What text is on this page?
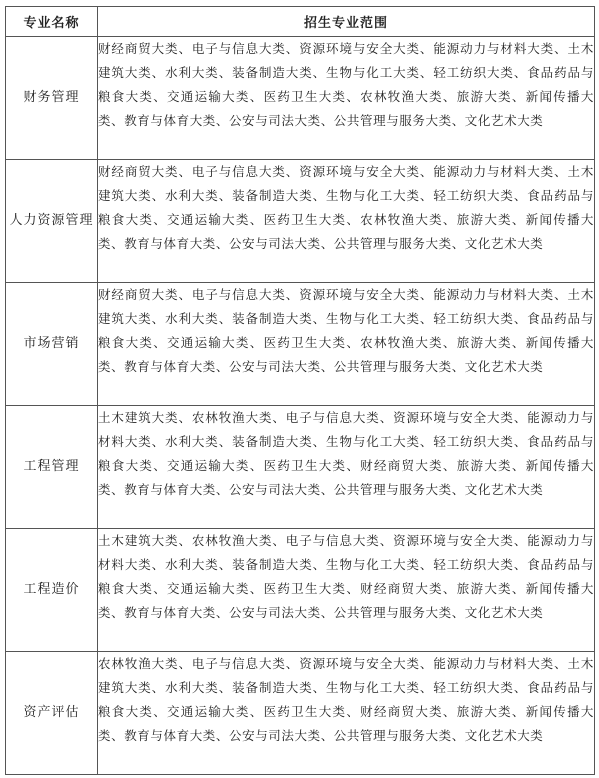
专业名称	招生专业范围
财务管理	财经商贸大类、电子与信息大类、资源环境与安全大类、能源动力与材料大类、土木建筑大类、水利大类、装备制造大类、生物与化工大类、轻工纺织大类、食品药品与粮食大类、交通运输大类、医药卫生大类、农林牧渔大类、旅游大类、新闻传播大类、教育与体育大类、公安与司法大类、公共管理与服务大类、文化艺术大类
人力资源管理	财经商贸大类、电子与信息大类、资源环境与安全大类、能源动力与材料大类、土木建筑大类、水利大类、装备制造大类、生物与化工大类、轻工纺织大类、食品药品与粮食大类、交通运输大类、医药卫生大类、农林牧渔大类、旅游大类、新闻传播大类、教育与体育大类、公安与司法大类、公共管理与服务大类、文化艺术大类
市场营销	财经商贸大类、电子与信息大类、资源环境与安全大类、能源动力与材料大类、土木建筑大类、水利大类、装备制造大类、生物与化工大类、轻工纺织大类、食品药品与粮食大类、交通运输大类、医药卫生大类、农林牧渔大类、旅游大类、新闻传播大类、教育与体育大类、公安与司法大类、公共管理与服务大类、文化艺术大类
工程管理	土木建筑大类、农林牧渔大类、电子与信息大类、资源环境与安全大类、能源动力与材料大类、水利大类、装备制造大类、生物与化工大类、轻工纺织大类、食品药品与粮食大类、交通运输大类、医药卫生大类、财经商贸大类、旅游大类、新闻传播大类、教育与体育大类、公安与司法大类、公共管理与服务大类、文化艺术大类
工程造价	土木建筑大类、农林牧渔大类、电子与信息大类、资源环境与安全大类、能源动力与材料大类、水利大类、装备制造大类、生物与化工大类、轻工纺织大类、食品药品与粮食大类、交通运输大类、医药卫生大类、财经商贸大类、旅游大类、新闻传播大类、教育与体育大类、公安与司法大类、公共管理与服务大类、文化艺术大类
资产评估	农林牧渔大类、电子与信息大类、资源环境与安全大类、能源动力与材料大类、土木建筑大类、水利大类、装备制造大类、生物与化工大类、轻工纺织大类、食品药品与粮食大类、交通运输大类、医药卫生大类、财经商贸大类、旅游大类、新闻传播大类、教育与体育大类、公安与司法大类、公共管理与服务大类、文化艺术大类
